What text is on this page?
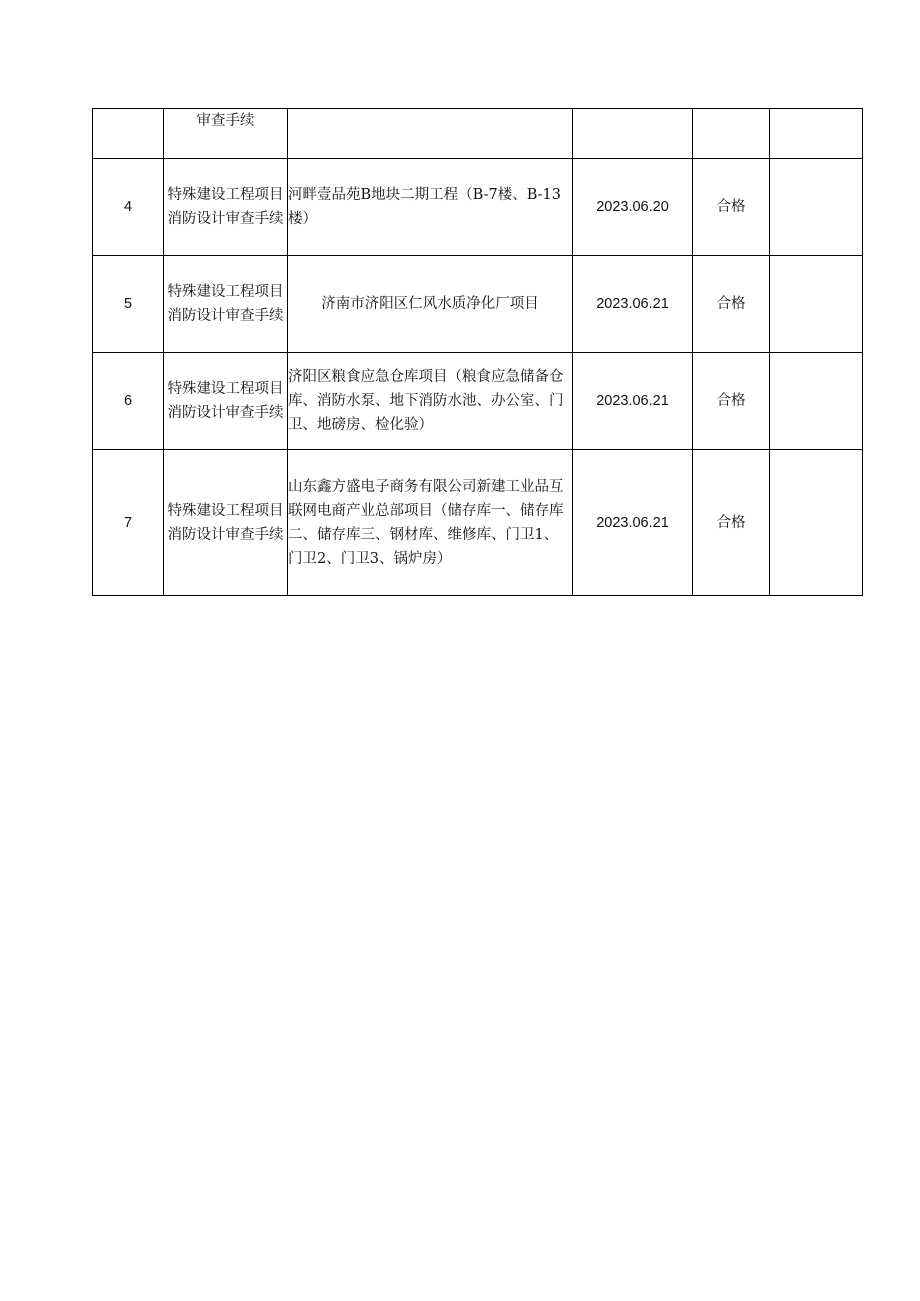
	审查手续				
4	特殊建设工程项目消防设计审查手续	河畔壹品苑B地块二期工程（B-7楼、B-13楼）	2023.06.20	合格	
5	特殊建设工程项目消防设计审查手续	济南市济阳区仁风水质净化厂项目	2023.06.21	合格	
6	特殊建设工程项目消防设计审查手续	济阳区粮食应急仓库项目（粮食应急储备仓库、消防水泵、地下消防水池、办公室、门卫、地磅房、检化验）	2023.06.21	合格	
7	特殊建设工程项目消防设计审查手续	山东鑫方盛电子商务有限公司新建工业品互联网电商产业总部项目（储存库一、储存库二、储存库三、钢材库、维修库、门卫1、门卫2、门卫3、锅炉房）	2023.06.21	合格	
